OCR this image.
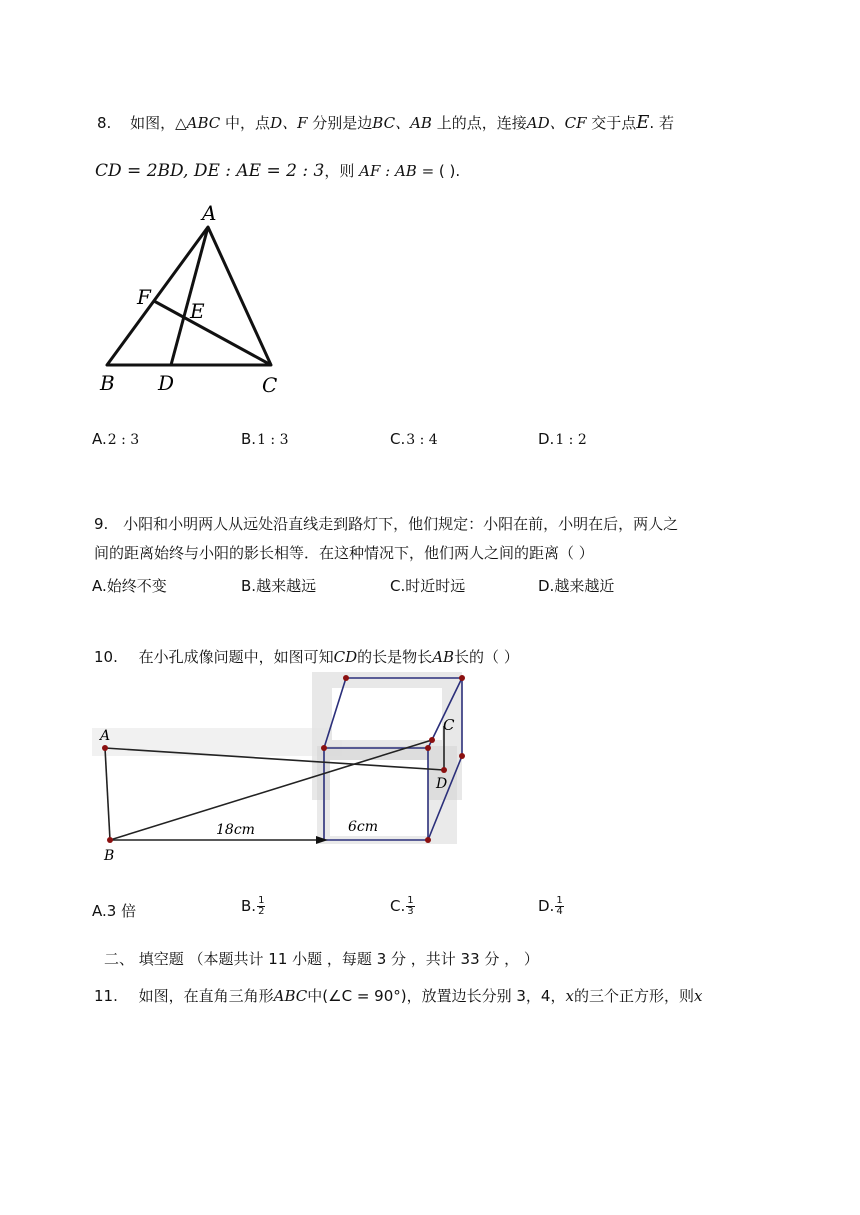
8. 如图，△ABC 中，点D、F 分别是边BC、AB 上的点，连接AD、CF 交于点E. 若
CD = 2BD, DE : AE = 2 : 3，则 AF : AB = ( ).
A
F
E
B D	C
A.2 : 3	B.1 : 3	C.3 : 4	D.1 : 2
9. 小阳和小明两人从远处沿直线走到路灯下，他们规定：小阳在前，小明在后，两人之
间的距离始终与小阳的影长相等．在这种情况下，他们两人之间的距离（ ）
A.始终不变	B.越来越远	C.时近时远	D.越来越近
10. 在小孔成像问题中，如图可知CD的长是物长AB长的（ ）
A
B
C
D
18cm	6cm
A.3 倍	B. $\frac{1}{2}$	C. $\frac{1}{3}$	D. $\frac{1}{4}$
二、 填空题 （本题共计 11 小题 ，每题 3 分 ，共计 33 分 ， ）
11. 如图，在直角三角形ABC中(∠C = 90°)，放置边长分别 3，4，x的三个正方形，则x
